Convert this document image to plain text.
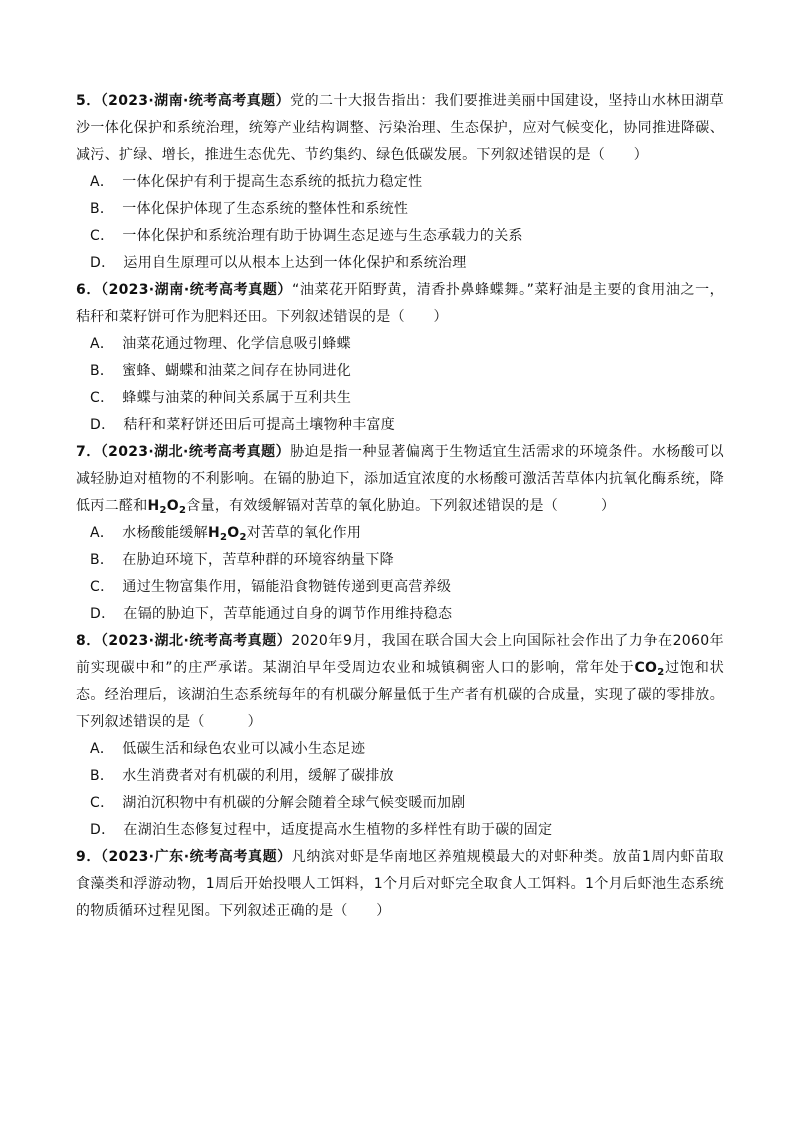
5．（2023·湖南·统考高考真题）党的二十大报告指出：我们要推进美丽中国建设，坚持山水林田湖草沙一体化保护和系统治理，统筹产业结构调整、污染治理、生态保护，应对气候变化，协同推进降碳、减污、扩绿、增长，推进生态优先、节约集约、绿色低碳发展。下列叙述错误的是（　　）

A． 一体化保护有利于提高生态系统的抵抗力稳定性
B． 一体化保护体现了生态系统的整体性和系统性
C． 一体化保护和系统治理有助于协调生态足迹与生态承载力的关系
D． 运用自生原理可以从根本上达到一体化保护和系统治理

6．（2023·湖南·统考高考真题）“油菜花开陌野黄，清香扑鼻蜂蝶舞。”菜籽油是主要的食用油之一，秸秆和菜籽饼可作为肥料还田。下列叙述错误的是（　　）

A． 油菜花通过物理、化学信息吸引蜂蝶
B． 蜜蜂、蝴蝶和油菜之间存在协同进化
C． 蜂蝶与油菜的种间关系属于互利共生
D． 秸秆和菜籽饼还田后可提高土壤物种丰富度

7．（2023·湖北·统考高考真题）胁迫是指一种显著偏离于生物适宜生活需求的环境条件。水杨酸可以减轻胁迫对植物的不利影响。在镉的胁迫下，添加适宜浓度的水杨酸可激活苦草体内抗氧化酶系统，降低丙二醛和$H_2O_2$含量，有效缓解镉对苦草的氧化胁迫。下列叙述错误的是（　　　）

A． 水杨酸能缓解$H_2O_2$对苦草的氧化作用
B． 在胁迫环境下，苦草种群的环境容纳量下降
C． 通过生物富集作用，镉能沿食物链传递到更高营养级
D． 在镉的胁迫下，苦草能通过自身的调节作用维持稳态

8．（2023·湖北·统考高考真题）2020年9月，我国在联合国大会上向国际社会作出了力争在2060年前实现碳中和”的庄严承诺。某湖泊早年受周边农业和城镇稠密人口的影响，常年处于$CO_2$过饱和状态。经治理后，该湖泊生态系统每年的有机碳分解量低于生产者有机碳的合成量，实现了碳的零排放。下列叙述错误的是（　　　）

A． 低碳生活和绿色农业可以减小生态足迹
B． 水生消费者对有机碳的利用，缓解了碳排放
C． 湖泊沉积物中有机碳的分解会随着全球气候变暖而加剧
D． 在湖泊生态修复过程中，适度提高水生植物的多样性有助于碳的固定

9．（2023·广东·统考高考真题）凡纳滨对虾是华南地区养殖规模最大的对虾种类。放苗1周内虾苗取食藻类和浮游动物，1周后开始投喂人工饵料，1个月后对虾完全取食人工饵料。1个月后虾池生态系统的物质循环过程见图。下列叙述正确的是（　　）
